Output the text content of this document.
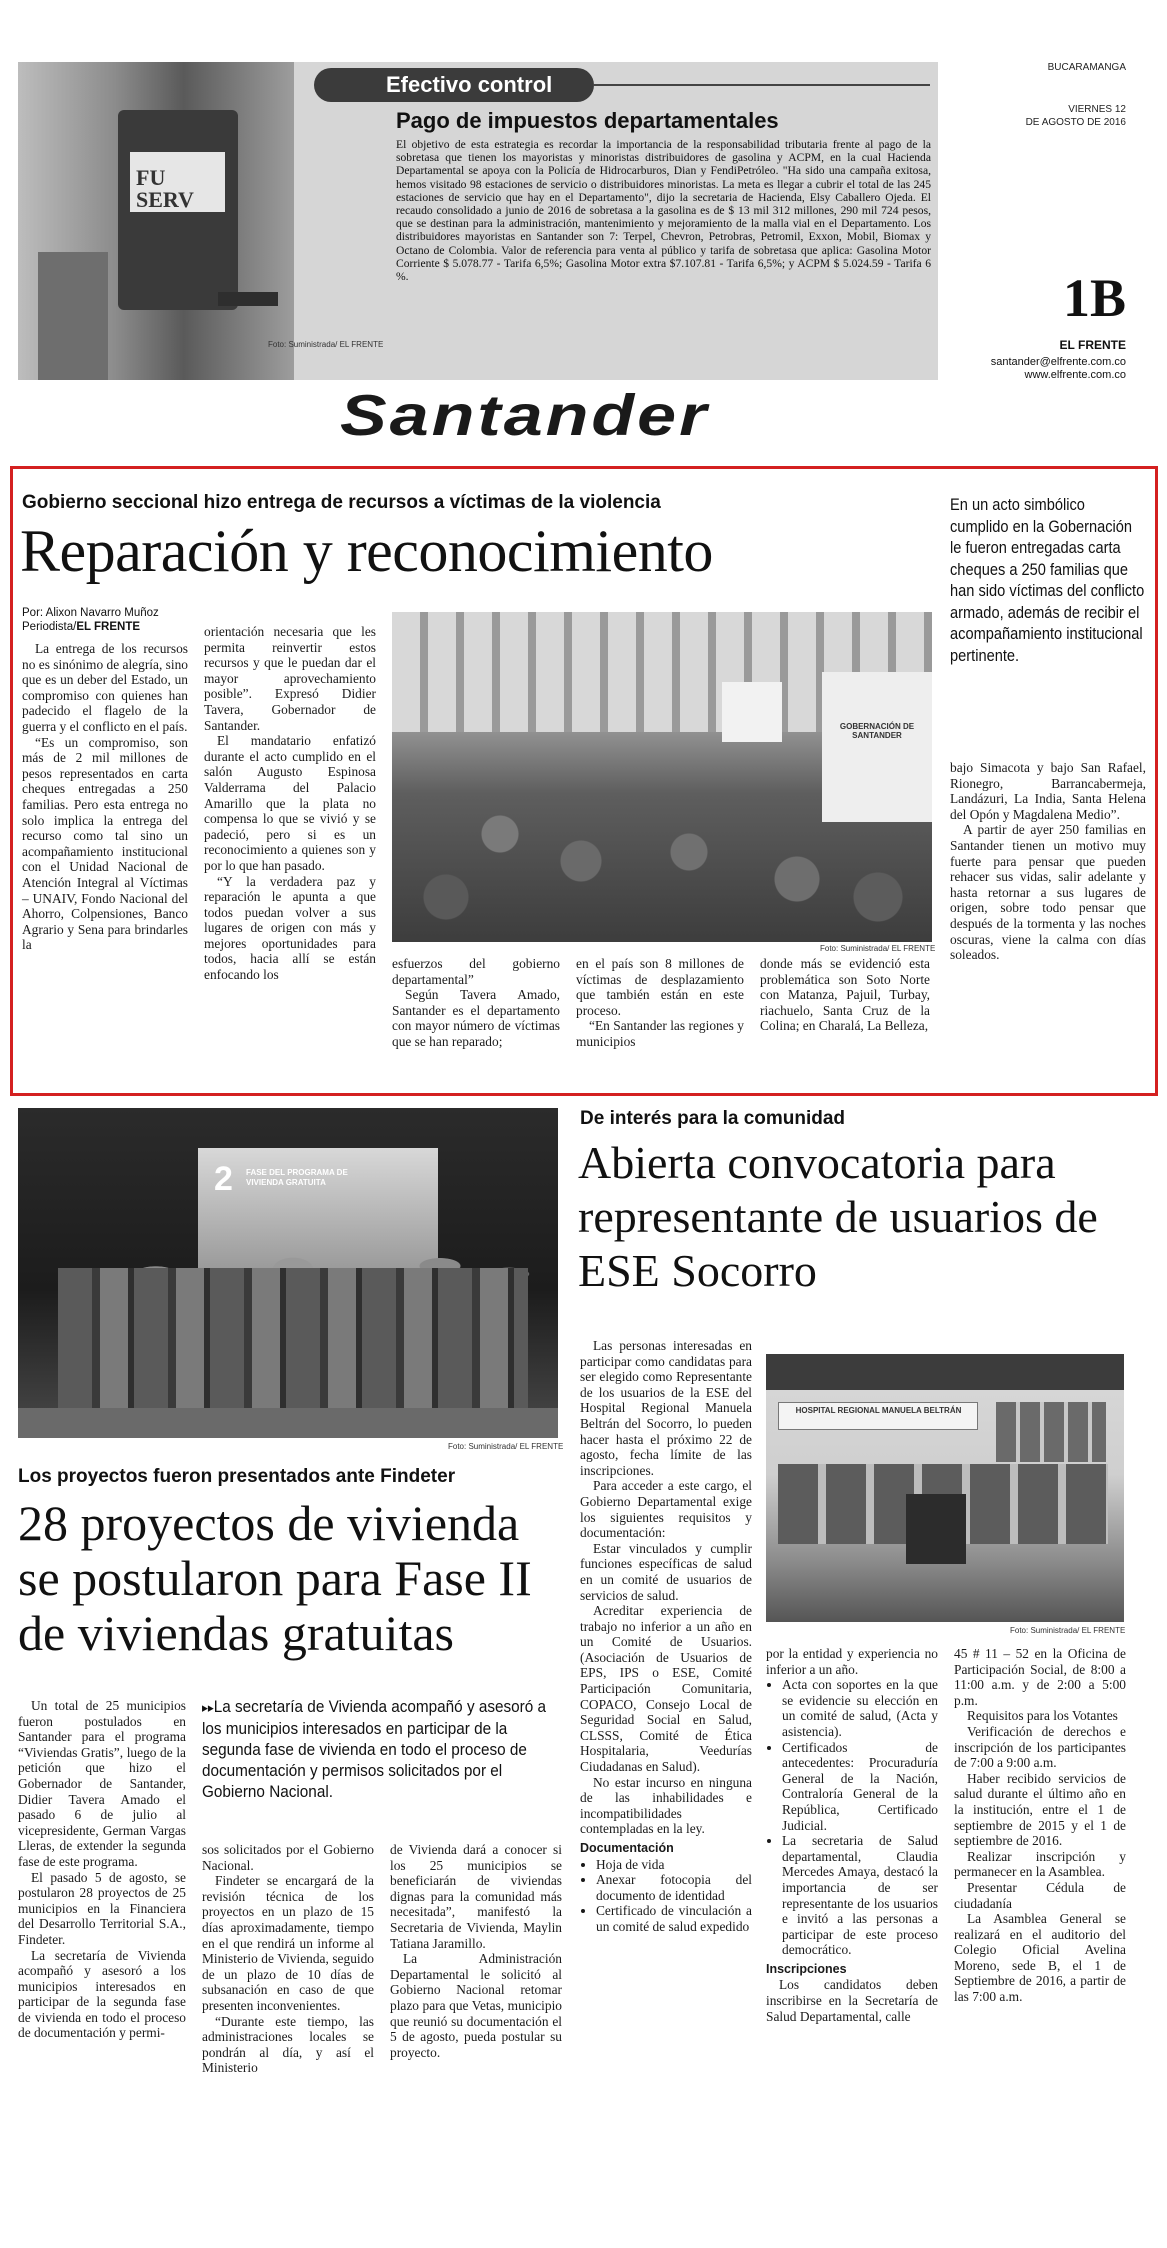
FU SERV
Foto: Suministrada/ EL FRENTE
Efectivo control
Pago de impuestos departamentales
El objetivo de esta estrategia es recordar la importancia de la responsabilidad tributaria frente al pago de la sobretasa que tienen los mayoristas y minoristas distribuidores de gasolina y ACPM, en la cual Hacienda Departamental se apoya con la Policía de Hidrocarburos, Dian y FendiPetróleo. "Ha sido una campaña exitosa, hemos visitado 98 estaciones de servicio o distribuidores minoristas. La meta es llegar a cubrir el total de las 245 estaciones de servicio que hay en el Departamento", dijo la secretaria de Hacienda, Elsy Caballero Ojeda. El recaudo consolidado a junio de 2016 de sobretasa a la gasolina es de $ 13 mil 312 millones, 290 mil 724 pesos, que se destinan para la administración, mantenimiento y mejoramiento de la malla vial en el Departamento. Los distribuidores mayoristas en Santander son 7: Terpel, Chevron, Petrobras, Petromil, Exxon, Mobil, Biomax y Octano de Colombia. Valor de referencia para venta al público y tarifa de sobretasa que aplica: Gasolina Motor Corriente $ 5.078.77 - Tarifa 6,5%; Gasolina Motor extra $7.107.81 - Tarifa 6,5%; y ACPM $ 5.024.59 - Tarifa 6 %.
BUCARAMANGA
VIERNES 12
DE AGOSTO DE 2016
1B
EL FRENTE
santander@elfrente.com.co
www.elfrente.com.co
Santander
Gobierno seccional hizo entrega de recursos a víctimas de la violencia
Reparación y reconocimiento
Por: Alixon Navarro Muñoz
Periodista/EL FRENTE

La entrega de los recursos no es sinónimo de alegría, sino que es un deber del Estado, un compromiso con quienes han padecido el flagelo de la guerra y el conflicto en el país.

“Es un compromiso, son más de 2 mil millones de pesos representados en carta cheques entregadas a 250 familias. Pero esta entrega no solo implica la entrega del recurso como tal sino un acompañamiento institucional con el Unidad Nacional de Atención Integral al Víctimas – UNAIV, Fondo Nacional del Ahorro, Colpensiones, Banco Agrario y Sena para brindarles la

orientación necesaria que les permita reinvertir estos recursos y que le puedan dar el mayor aprovechamiento posible”. Expresó Didier Tavera, Gobernador de Santander.

El mandatario enfatizó durante el acto cumplido en el salón Augusto Espinosa Valderrama del Palacio Amarillo que la plata no compensa lo que se vivió y se padeció, pero si es un reconocimiento a quienes son y por lo que han pasado.

“Y la verdadera paz y reparación le apunta a que todos puedan volver a sus lugares de origen con más y mejores oportunidades para todos, hacia allí se están enfocando los

GOBERNACIÓN DE SANTANDER
Foto: Suministrada/ EL FRENTE

esfuerzos del gobierno departamental”

Según Tavera Amado, Santander es el departamento con mayor número de víctimas que se han reparado;

en el país son 8 millones de víctimas de desplazamiento que también están en este proceso.

“En Santander las regiones y municipios

donde más se evidenció esta problemática son Soto Norte con Matanza, Pajuil, Turbay, riachuelo, Santa Cruz de la Colina; en Charalá, La Belleza,

En un acto simbólico cumplido en la Gobernación le fueron entregadas carta cheques a 250 familias que han sido víctimas del conflicto armado, además de recibir el acompañamiento institucional pertinente.

bajo Simacota y bajo San Rafael, Rionegro, Barrancabermeja, Landázuri, La India, Santa Helena del Opón y Magdalena Medio”.

A partir de ayer 250 familias en Santander tienen un motivo muy fuerte para pensar que pueden rehacer sus vidas, salir adelante y hasta retornar a sus lugares de origen, sobre todo pensar que después de la tormenta y las noches oscuras, viene la calma con días soleados.

2 FASE DEL PROGRAMA DE VIVIENDA GRATUITA
Foto: Suministrada/ EL FRENTE
Los proyectos fueron presentados ante Findeter
28 proyectos de vivienda se postularon para Fase II de viviendas gratuitas

Un total de 25 municipios fueron postulados en Santander para el programa “Viviendas Gratis”, luego de la petición que hizo el Gobernador de Santander, Didier Tavera Amado el pasado 6 de julio al vicepresidente, German Vargas Lleras, de extender la segunda fase de este programa.

El pasado 5 de agosto, se postularon 28 proyectos de 25 municipios en la Financiera del Desarrollo Territorial S.A., Findeter.

La secretaría de Vivienda acompañó y asesoró a los municipios interesados en participar de la segunda fase de vivienda en todo el proceso de documentación y permi-

▸▸La secretaría de Vivienda acompañó y asesoró a los municipios interesados en participar de la segunda fase de vivienda en todo el proceso de documentación y permisos solicitados por el Gobierno Nacional.

sos solicitados por el Gobierno Nacional.

Findeter se encargará de la revisión técnica de los proyectos en un plazo de 15 días aproximadamente, tiempo en el que rendirá un informe al Ministerio de Vivienda, seguido de un plazo de 10 días de subsanación en caso de que presenten inconvenientes.

“Durante este tiempo, las administraciones locales se pondrán al día, y así el Ministerio

de Vivienda dará a conocer si los 25 municipios se beneficiarán de viviendas dignas para la comunidad más necesitada”, manifestó la Secretaria de Vivienda, Maylin Tatiana Jaramillo.

La Administración Departamental le solicitó al Gobierno Nacional retomar plazo para que Vetas, municipio que reunió su documentación el 5 de agosto, pueda postular su proyecto.

De interés para la comunidad
Abierta convocatoria para representante de usuarios de ESE Socorro

Las personas interesadas en participar como candidatas para ser elegido como Representante de los usuarios de la ESE del Hospital Regional Manuela Beltrán del Socorro, lo pueden hacer hasta el próximo 22 de agosto, fecha límite de las inscripciones.

Para acceder a este cargo, el Gobierno Departamental exige los siguientes requisitos y documentación:

Estar vinculados y cumplir funciones específicas de salud en un comité de usuarios de servicios de salud.

Acreditar experiencia de trabajo no inferior a un año en un Comité de Usuarios. (Asociación de Usuarios de EPS, IPS o ESE, Comité Participación Comunitaria, COPACO, Consejo Local de Seguridad Social en Salud, CLSSS, Comité de Ética Hospitalaria, Veedurías Ciudadanas en Salud).

No estar incurso en ninguna de las inhabilidades e incompatibilidades contempladas en la ley.

Documentación

• Hoja de vida
• Anexar fotocopia del documento de identidad
• Certificado de vinculación a un comité de salud expedido
HOSPITAL REGIONAL MANUELA BELTRÁN
Foto: Suministrada/ EL FRENTE

por la entidad y experiencia no inferior a un año.

• Acta con soportes en la que se evidencie su elección en un comité de salud, (Acta y asistencia).
• Certificados de antecedentes: Procuraduría General de la Nación, Contraloría General de la República, Certificado Judicial.
• La secretaria de Salud departamental, Claudia Mercedes Amaya, destacó la importancia de ser representante de los usuarios e invitó a las personas a participar de este proceso democrático.

Inscripciones

Los candidatos deben inscribirse en la Secretaría de Salud Departamental, calle

45 # 11 – 52 en la Oficina de Participación Social, de 8:00 a 11:00 a.m. y de 2:00 a 5:00 p.m.

Requisitos para los Votantes

Verificación de derechos e inscripción de los participantes de 7:00 a 9:00 a.m.

Haber recibido servicios de salud durante el último año en la institución, entre el 1 de septiembre de 2015 y el 1 de septiembre de 2016.

Realizar inscripción y permanecer en la Asamblea.

Presentar Cédula de ciudadanía

La Asamblea General se realizará en el auditorio del Colegio Oficial Avelina Moreno, sede B, el 1 de Septiembre de 2016, a partir de las 7:00 a.m.
